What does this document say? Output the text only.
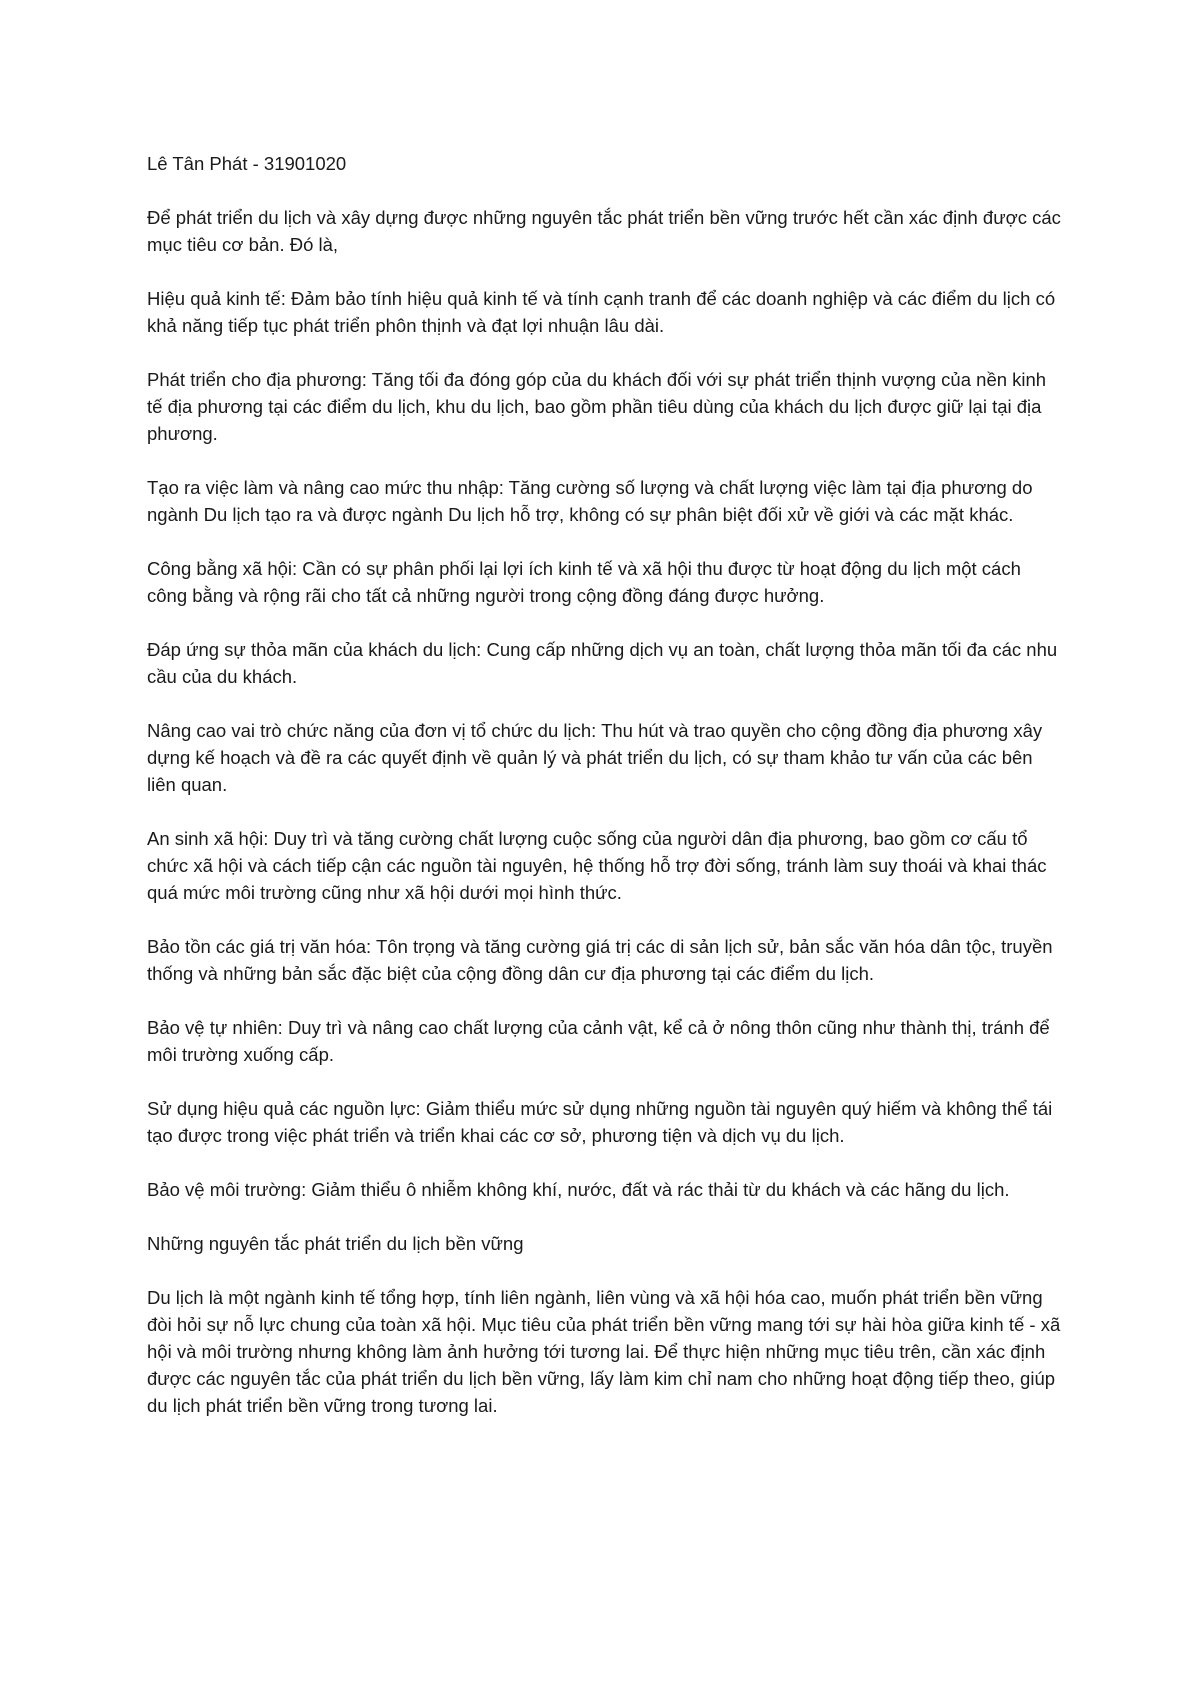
Lê Tân Phát - 31901020

Để phát triển du lịch và xây dựng được những nguyên tắc phát triển bền vững trước hết cần xác định được các mục tiêu cơ bản. Đó là,

Hiệu quả kinh tế: Đảm bảo tính hiệu quả kinh tế và tính cạnh tranh để các doanh nghiệp và các điểm du lịch có khả năng tiếp tục phát triển phôn thịnh và đạt lợi nhuận lâu dài.

Phát triển cho địa phương: Tăng tối đa đóng góp của du khách đối với sự phát triển thịnh vượng của nền kinh tế địa phương tại các điểm du lịch, khu du lịch, bao gồm phần tiêu dùng của khách du lịch được giữ lại tại địa phương.

Tạo ra việc làm và nâng cao mức thu nhập: Tăng cường số lượng và chất lượng việc làm tại địa phương do ngành Du lịch tạo ra và được ngành Du lịch hỗ trợ, không có sự phân biệt đối xử về giới và các mặt khác.

Công bằng xã hội: Cần có sự phân phối lại lợi ích kinh tế và xã hội thu được từ hoạt động du lịch một cách công bằng và rộng rãi cho tất cả những người trong cộng đồng đáng được hưởng.

Đáp ứng sự thỏa mãn của khách du lịch: Cung cấp những dịch vụ an toàn, chất lượng thỏa mãn tối đa các nhu cầu của du khách.

Nâng cao vai trò chức năng của đơn vị tổ chức du lịch: Thu hút và trao quyền cho cộng đồng địa phương xây dựng kế hoạch và đề ra các quyết định về quản lý và phát triển du lịch, có sự tham khảo tư vấn của các bên liên quan.

An sinh xã hội: Duy trì và tăng cường chất lượng cuộc sống của người dân địa phương, bao gồm cơ cấu tổ chức xã hội và cách tiếp cận các nguồn tài nguyên, hệ thống hỗ trợ đời sống, tránh làm suy thoái và khai thác quá mức môi trường cũng như xã hội dưới mọi hình thức.

Bảo tồn các giá trị văn hóa: Tôn trọng và tăng cường giá trị các di sản lịch sử, bản sắc văn hóa dân tộc, truyền thống và những bản sắc đặc biệt của cộng đồng dân cư địa phương tại các điểm du lịch.

Bảo vệ tự nhiên: Duy trì và nâng cao chất lượng của cảnh vật, kể cả ở nông thôn cũng như thành thị, tránh để môi trường xuống cấp.

Sử dụng hiệu quả các nguồn lực: Giảm thiểu mức sử dụng những nguồn tài nguyên quý hiếm và không thể tái tạo được trong việc phát triển và triển khai các cơ sở, phương tiện và dịch vụ du lịch.

Bảo vệ môi trường: Giảm thiểu ô nhiễm không khí, nước, đất và rác thải từ du khách và các hãng du lịch.

Những nguyên tắc phát triển du lịch bền vững

Du lịch là một ngành kinh tế tổng hợp, tính liên ngành, liên vùng và xã hội hóa cao, muốn phát triển bền vững đòi hỏi sự nỗ lực chung của toàn xã hội. Mục tiêu của phát triển bền vững mang tới sự hài hòa giữa kinh tế - xã hội và môi trường nhưng không làm ảnh hưởng tới tương lai. Để thực hiện những mục tiêu trên, cần xác định được các nguyên tắc của phát triển du lịch bền vững, lấy làm kim chỉ nam cho những hoạt động tiếp theo, giúp du lịch phát triển bền vững trong tương lai.
